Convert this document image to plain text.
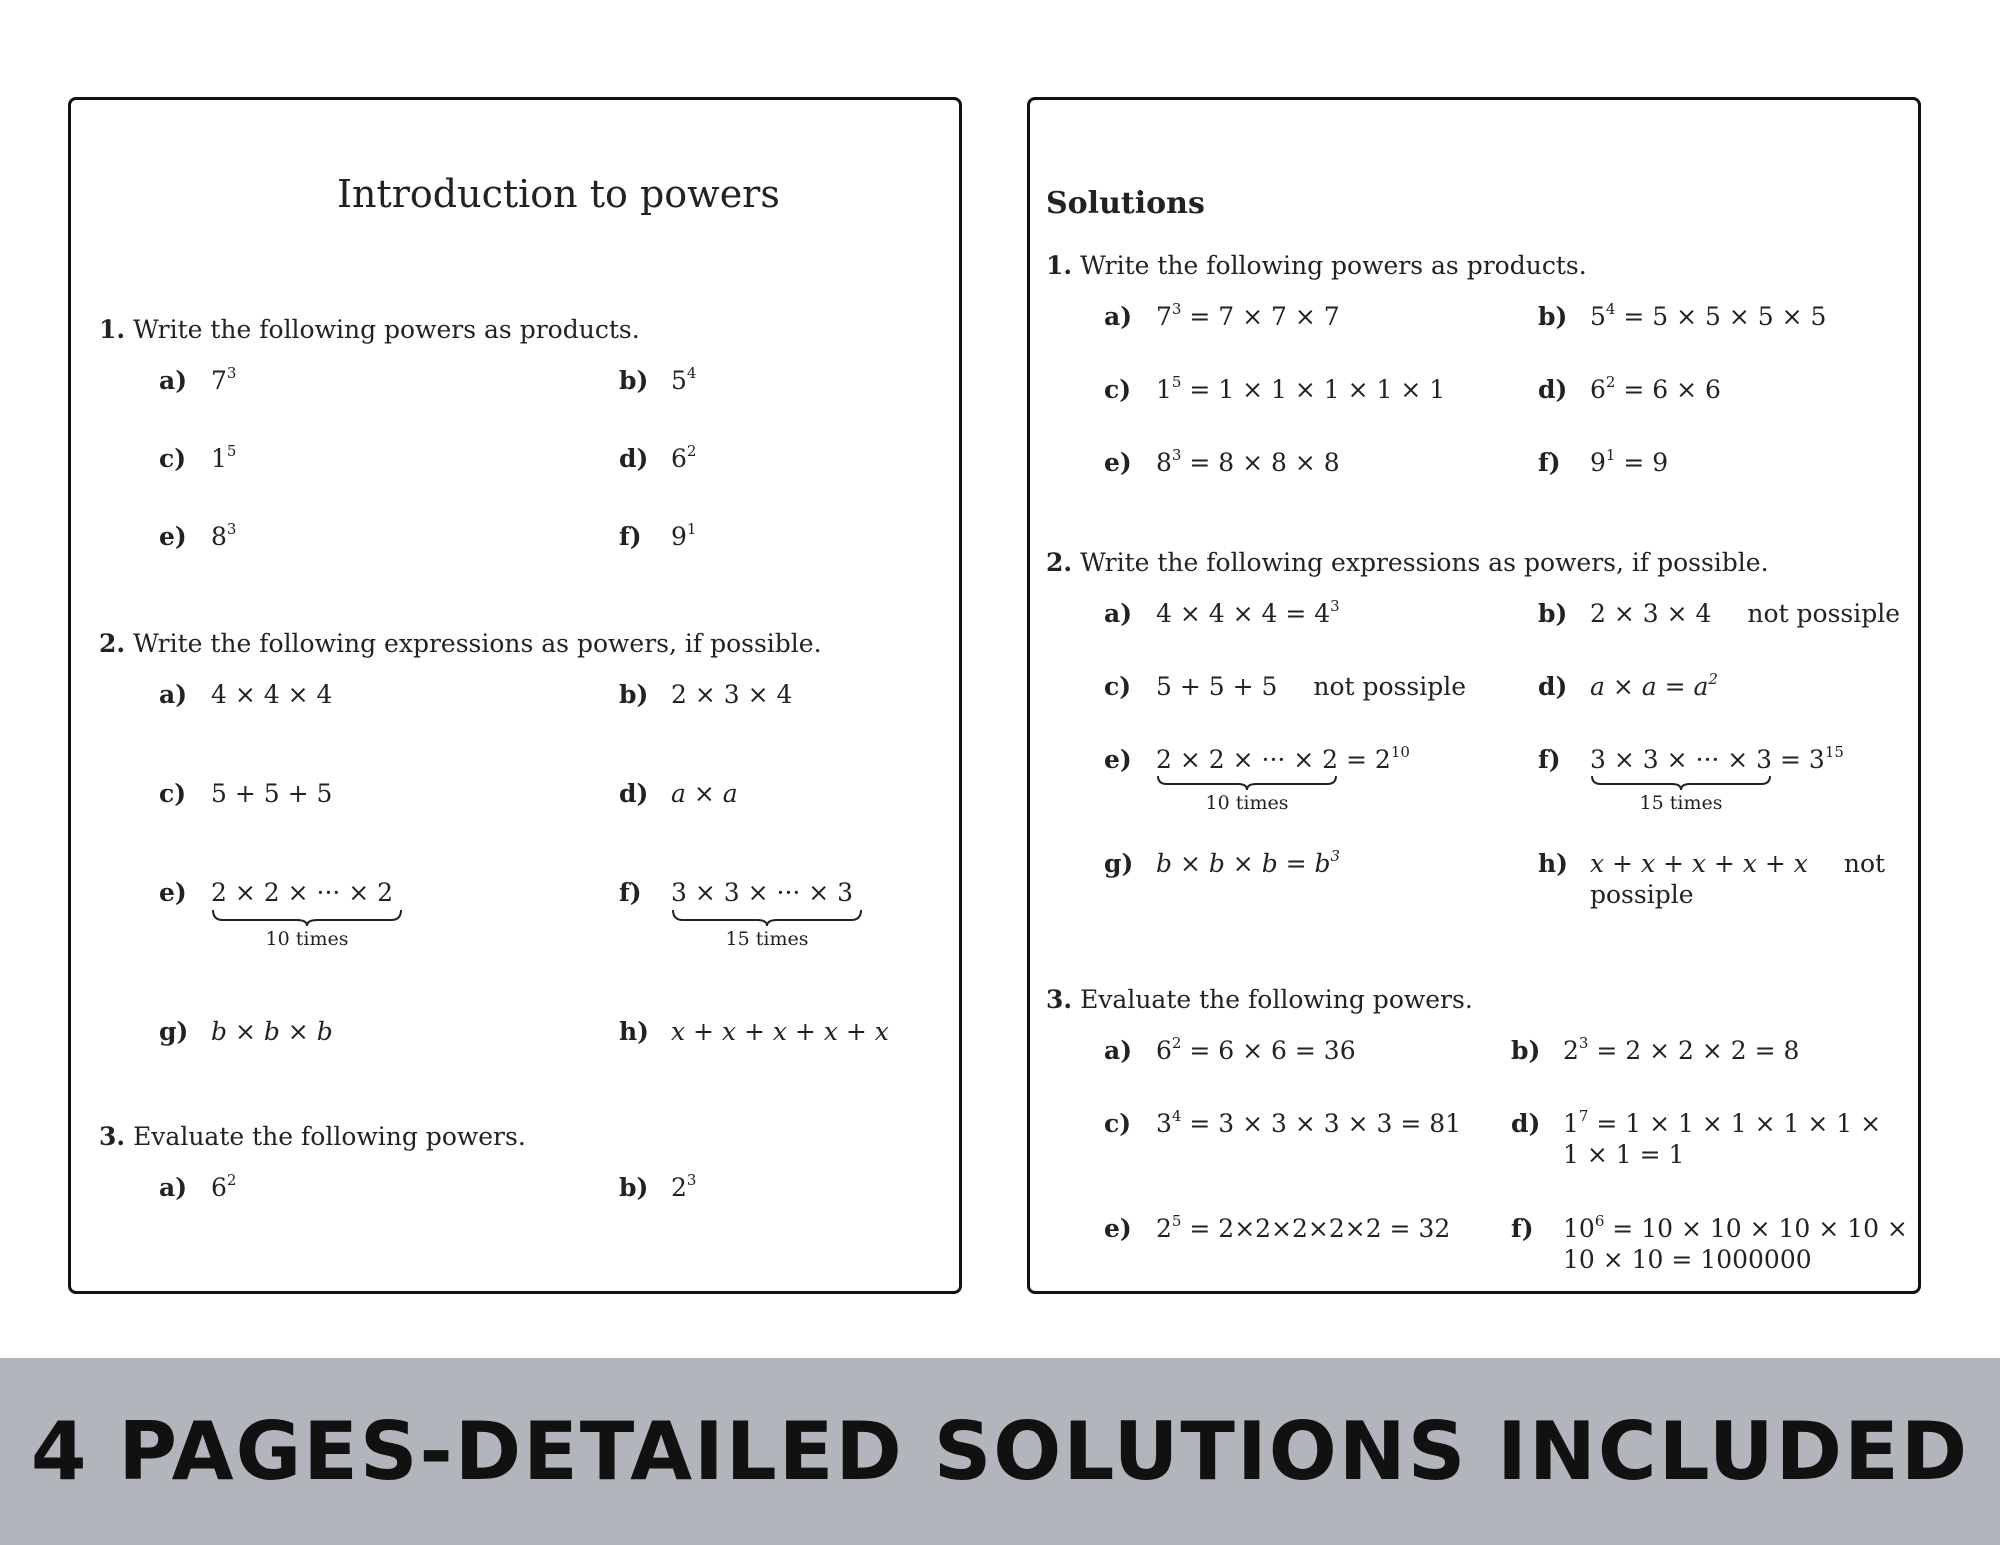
Introduction to powers
1. Write the following powers as products.
a) $7^3$	b) $5^4$
c) $1^5$	d) $6^2$
e) $8^3$	f) $9^1$
2. Write the following expressions as powers, if possible.
a) 4 × 4 × 4	b) 2 × 3 × 4
c) 5 + 5 + 5	d) a × a
e) 2 × 2 × ··· × 2
10 times
f) 3 × 3 × ··· × 3
15 times
g) b × b × b	h) x + x + x + x + x
3. Evaluate the following powers.
a) $6^2$	b) $2^3$
Solutions
1. Write the following powers as products.
a) $7^3 = 7 \times 7 \times 7$	b) $5^4 = 5 \times 5 \times 5 \times 5$
c) $1^5 = 1 \times 1 \times 1 \times 1 \times 1$	d) $6^2 = 6 \times 6$
e) $8^3 = 8 \times 8 \times 8$	f) $9^1 = 9$
2. Write the following expressions as powers, if possible.
a) $4 \times 4 \times 4 = 4^3$	b) 2 × 3 × 4 not possiple
c) 5 + 5 + 5 not possiple	d) $a \times a = a^2$
e) 2 × 2 × ··· × $2 = 2^{10}$
10 times
f) 3 × 3 × ··· × $3 = 3^{15}$
15 times
g) $b \times b \times b = b^3$	h) x + x + x + x + x not
possiple
3. Evaluate the following powers.
a) $6^2 = 6 \times 6 = 36$	b) $2^3 = 2 \times 2 \times 2 = 8$
c) $3^4 = 3 \times 3 \times 3 \times 3 = 81$ d) $1^7 = 1 \times 1 \times 1 \times 1 \times 1$ ×
1 × 1 = 1
e) $2^5 = 2\times 2\times 2\times 2\times 2 = 32$ f) $10^6 = 10 \times 10 \times 10 \times 10$ ×
10 × 10 = 1000000
4 PAGES-DETAILED SOLUTIONS INCLUDED
